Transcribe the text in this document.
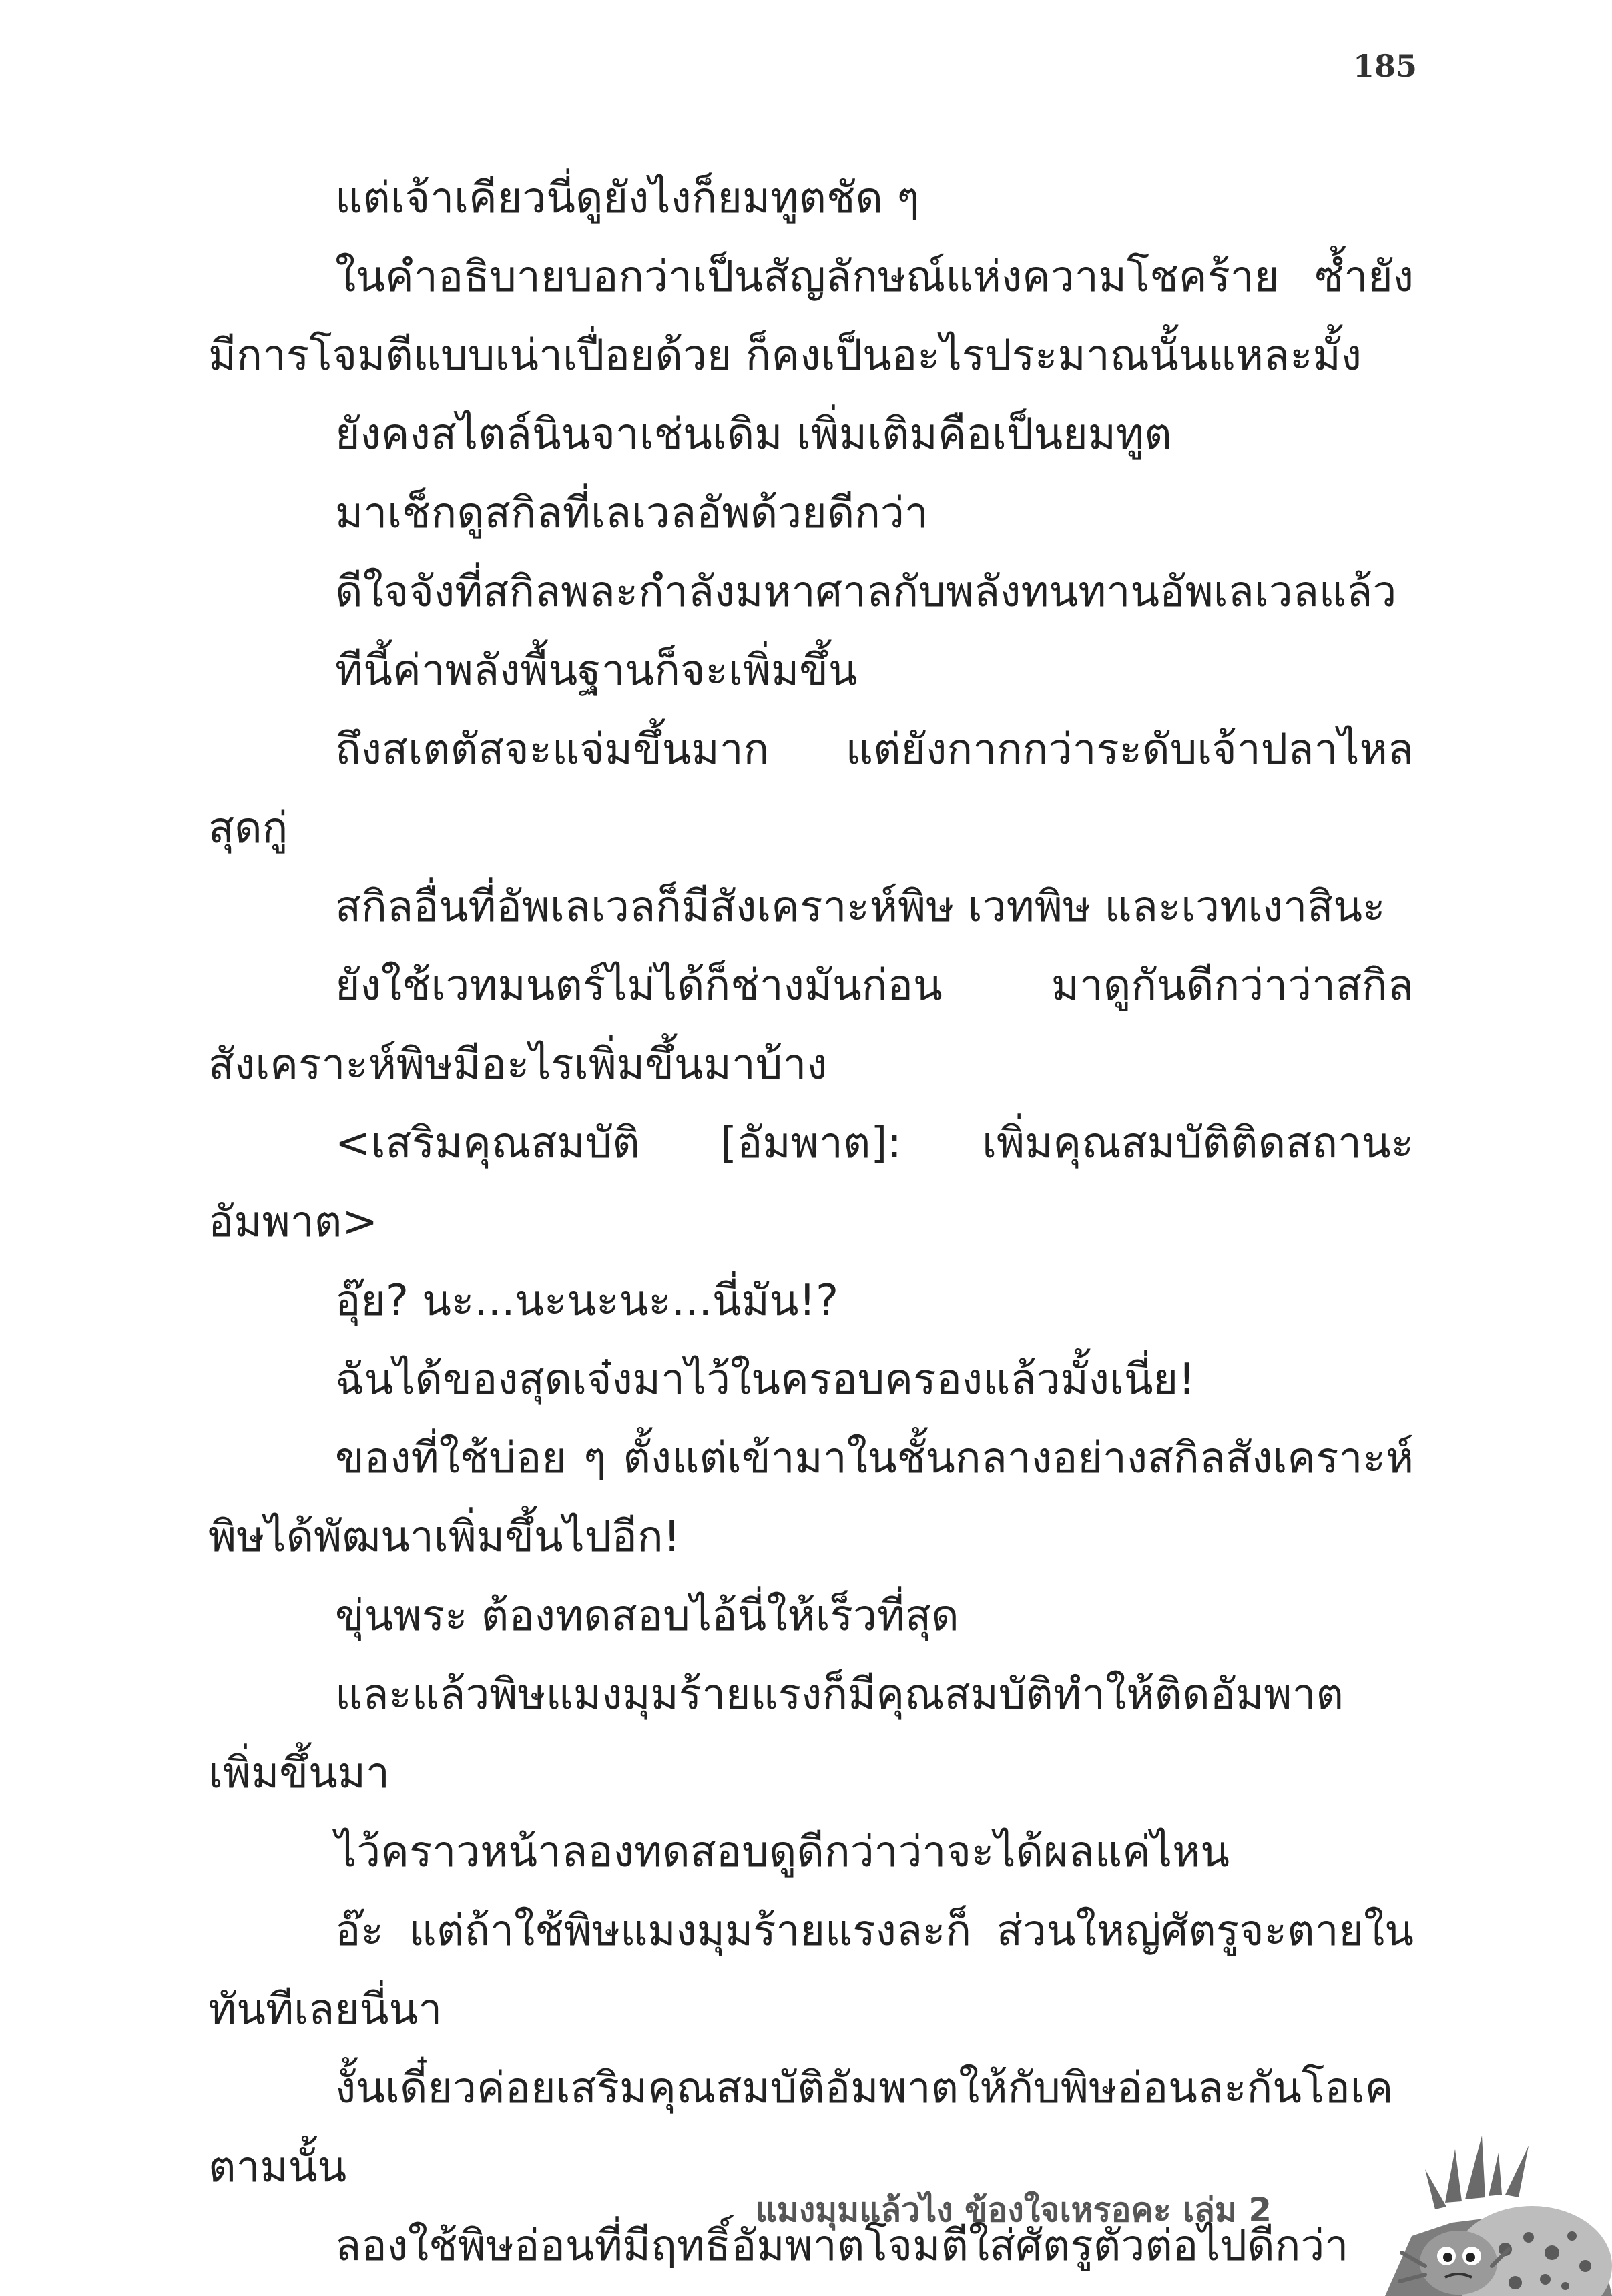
185

แต่เจ้าเคียวนี่ดูยังไงก็ยมทูตชัด ๆ

ในคำอธิบายบอกว่าเป็นสัญลักษณ์แห่งความโชคร้าย ซ้ำยังมีการโจมตีแบบเน่าเปื่อยด้วย ก็คงเป็นอะไรประมาณนั้นแหละมั้ง

ยังคงสไตล์นินจาเช่นเดิม เพิ่มเติมคือเป็นยมทูต

มาเช็กดูสกิลที่เลเวลอัพด้วยดีกว่า

ดีใจจังที่สกิลพละกำลังมหาศาลกับพลังทนทานอัพเลเวลแล้ว

ทีนี้ค่าพลังพื้นฐานก็จะเพิ่มขึ้น

ถึงสเตตัสจะแจ่มขึ้นมาก แต่ยังกากกว่าระดับเจ้าปลาไหลสุดกู่

สกิลอื่นที่อัพเลเวลก็มีสังเคราะห์พิษ เวทพิษ และเวทเงาสินะ

ยังใช้เวทมนตร์ไม่ได้ก็ช่างมันก่อน มาดูกันดีกว่าว่าสกิลสังเคราะห์พิษมีอะไรเพิ่มขึ้นมาบ้าง

<เสริมคุณสมบัติ [อัมพาต]: เพิ่มคุณสมบัติติดสถานะอัมพาต>

อุ๊ย? นะ...นะนะนะ...นี่มัน!?

ฉันได้ของสุดเจ๋งมาไว้ในครอบครองแล้วมั้งเนี่ย!

ของที่ใช้บ่อย ๆ ตั้งแต่เข้ามาในชั้นกลางอย่างสกิลสังเคราะห์พิษได้พัฒนาเพิ่มขึ้นไปอีก!

ขุ่นพระ ต้องทดสอบไอ้นี่ให้เร็วที่สุด

และแล้วพิษแมงมุมร้ายแรงก็มีคุณสมบัติทำให้ติดอัมพาตเพิ่มขึ้นมา

ไว้คราวหน้าลองทดสอบดูดีกว่าว่าจะได้ผลแค่ไหน

อ๊ะ แต่ถ้าใช้พิษแมงมุมร้ายแรงละก็ ส่วนใหญ่ศัตรูจะตายในทันทีเลยนี่นา

งั้นเดี๋ยวค่อยเสริมคุณสมบัติอัมพาตให้กับพิษอ่อนละกันโอเค ตามนั้น

ลองใช้พิษอ่อนที่มีฤทธิ์อัมพาตโจมตีใส่ศัตรูตัวต่อไปดีกว่า

แมงมุมแล้วไง ข้องใจเหรอคะ เล่ม 2
